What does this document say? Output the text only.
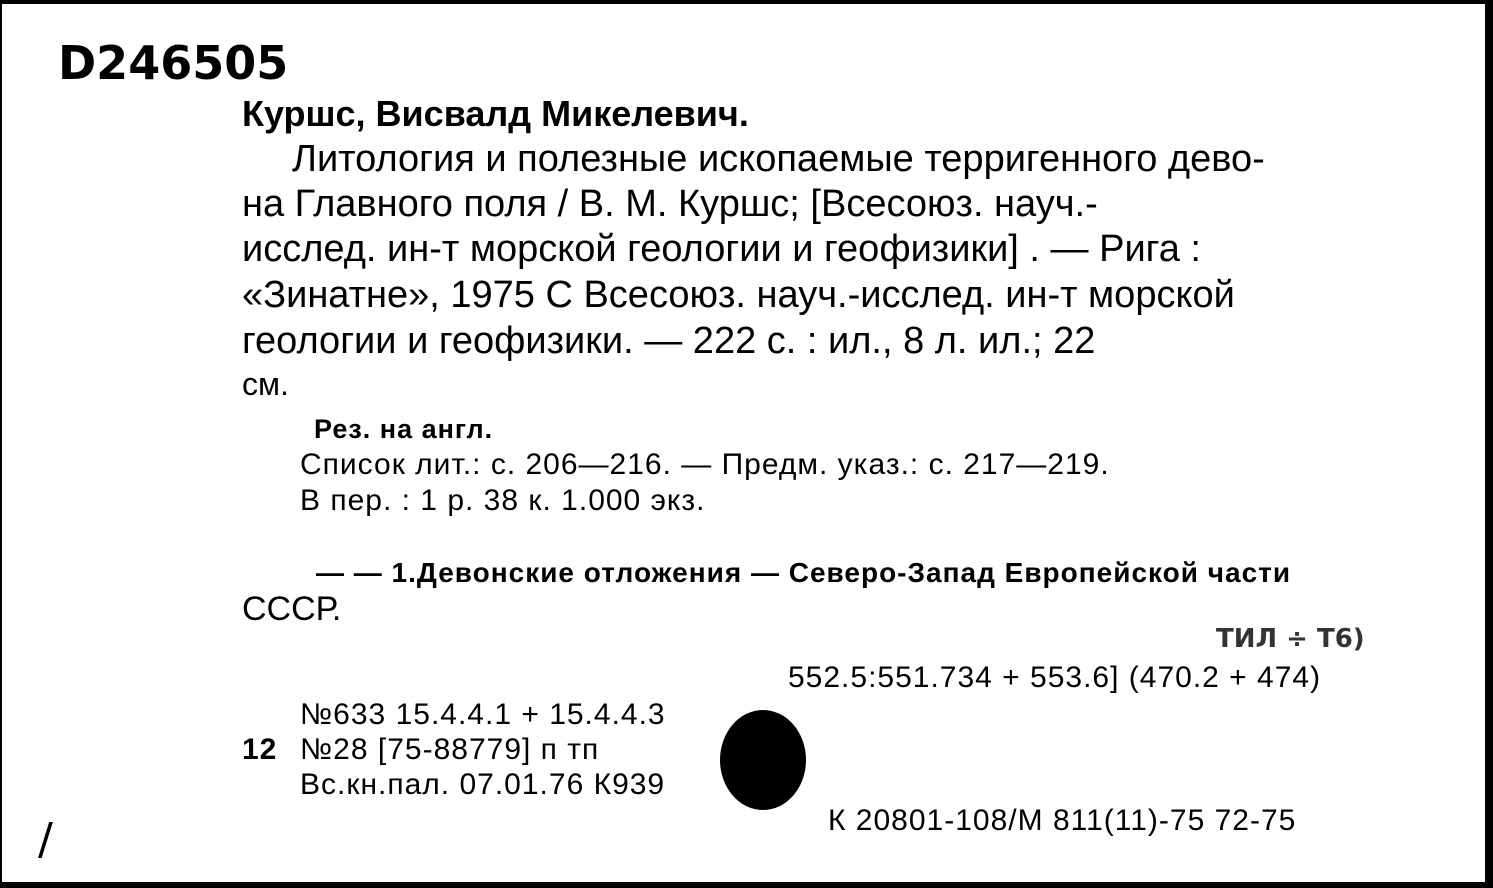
D246505
Куршс, Висвалд Микелевич.
Литология и полезные ископаемые терригенного дево-
на Главного поля / В. М. Куршс; [Всесоюз. науч.-
исслед. ин-т морской геологии и геофизики] . — Рига :
«Зинатне», 1975 С Всесоюз. науч.-исслед. ин-т морской
геологии и геофизики. — 222 с. : ил., 8 л. ил.; 22
см.
Рез. на англ.
Список лит.: с. 206—216. — Предм. указ.: с. 217—219.
В пер. : 1 р. 38 к. 1.000 экз.
— — 1.Девонские отложения — Северо-Запад Европейской части
СССР.
ТИЛ ÷ Т6)
552.5:551.734 + 553.6] (470.2 + 474)
№633 15.4.4.1 + 15.4.4.3
12 №28 [75-88779] п тп
Вс.кн.пал. 07.01.76 К939
К 20801-108/М 811(11)-75 72-75
/
